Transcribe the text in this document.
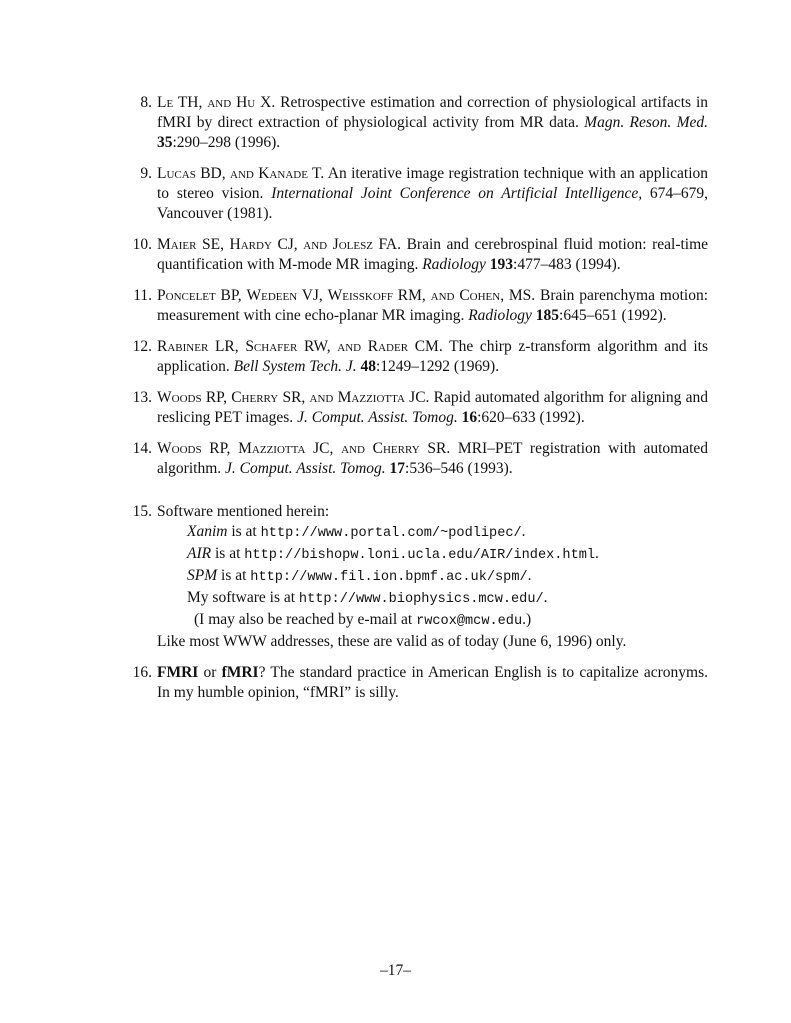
8. Le TH, and Hu X. Retrospective estimation and correction of physiological artifacts in fMRI by direct extraction of physiological activity from MR data. Magn. Reson. Med. 35:290–298 (1996).
9. Lucas BD, and Kanade T. An iterative image registration technique with an application to stereo vision. International Joint Conference on Artificial Intelligence, 674–679, Vancouver (1981).
10. Maier SE, Hardy CJ, and Jolesz FA. Brain and cerebrospinal fluid motion: real-time quantification with M-mode MR imaging. Radiology 193:477–483 (1994).
11. Poncelet BP, Wedeen VJ, Weisskoff RM, and Cohen, MS. Brain parenchyma motion: measurement with cine echo-planar MR imaging. Radiology 185:645–651 (1992).
12. Rabiner LR, Schafer RW, and Rader CM. The chirp z-transform algorithm and its application. Bell System Tech. J. 48:1249–1292 (1969).
13. Woods RP, Cherry SR, and Mazziotta JC. Rapid automated algorithm for aligning and reslicing PET images. J. Comput. Assist. Tomog. 16:620–633 (1992).
14. Woods RP, Mazziotta JC, and Cherry SR. MRI–PET registration with automated algorithm. J. Comput. Assist. Tomog. 17:536–546 (1993).
15. Software mentioned herein:
Xanim is at http://www.portal.com/~podlipec/.
AIR is at http://bishopw.loni.ucla.edu/AIR/index.html.
SPM is at http://www.fil.ion.bpmf.ac.uk/spm/.
My software is at http://www.biophysics.mcw.edu/.
(I may also be reached by e-mail at rwcox@mcw.edu.)
Like most WWW addresses, these are valid as of today (June 6, 1996) only.
16. FMRI or fMRI? The standard practice in American English is to capitalize acronyms. In my humble opinion, “fMRI” is silly.
–17–
